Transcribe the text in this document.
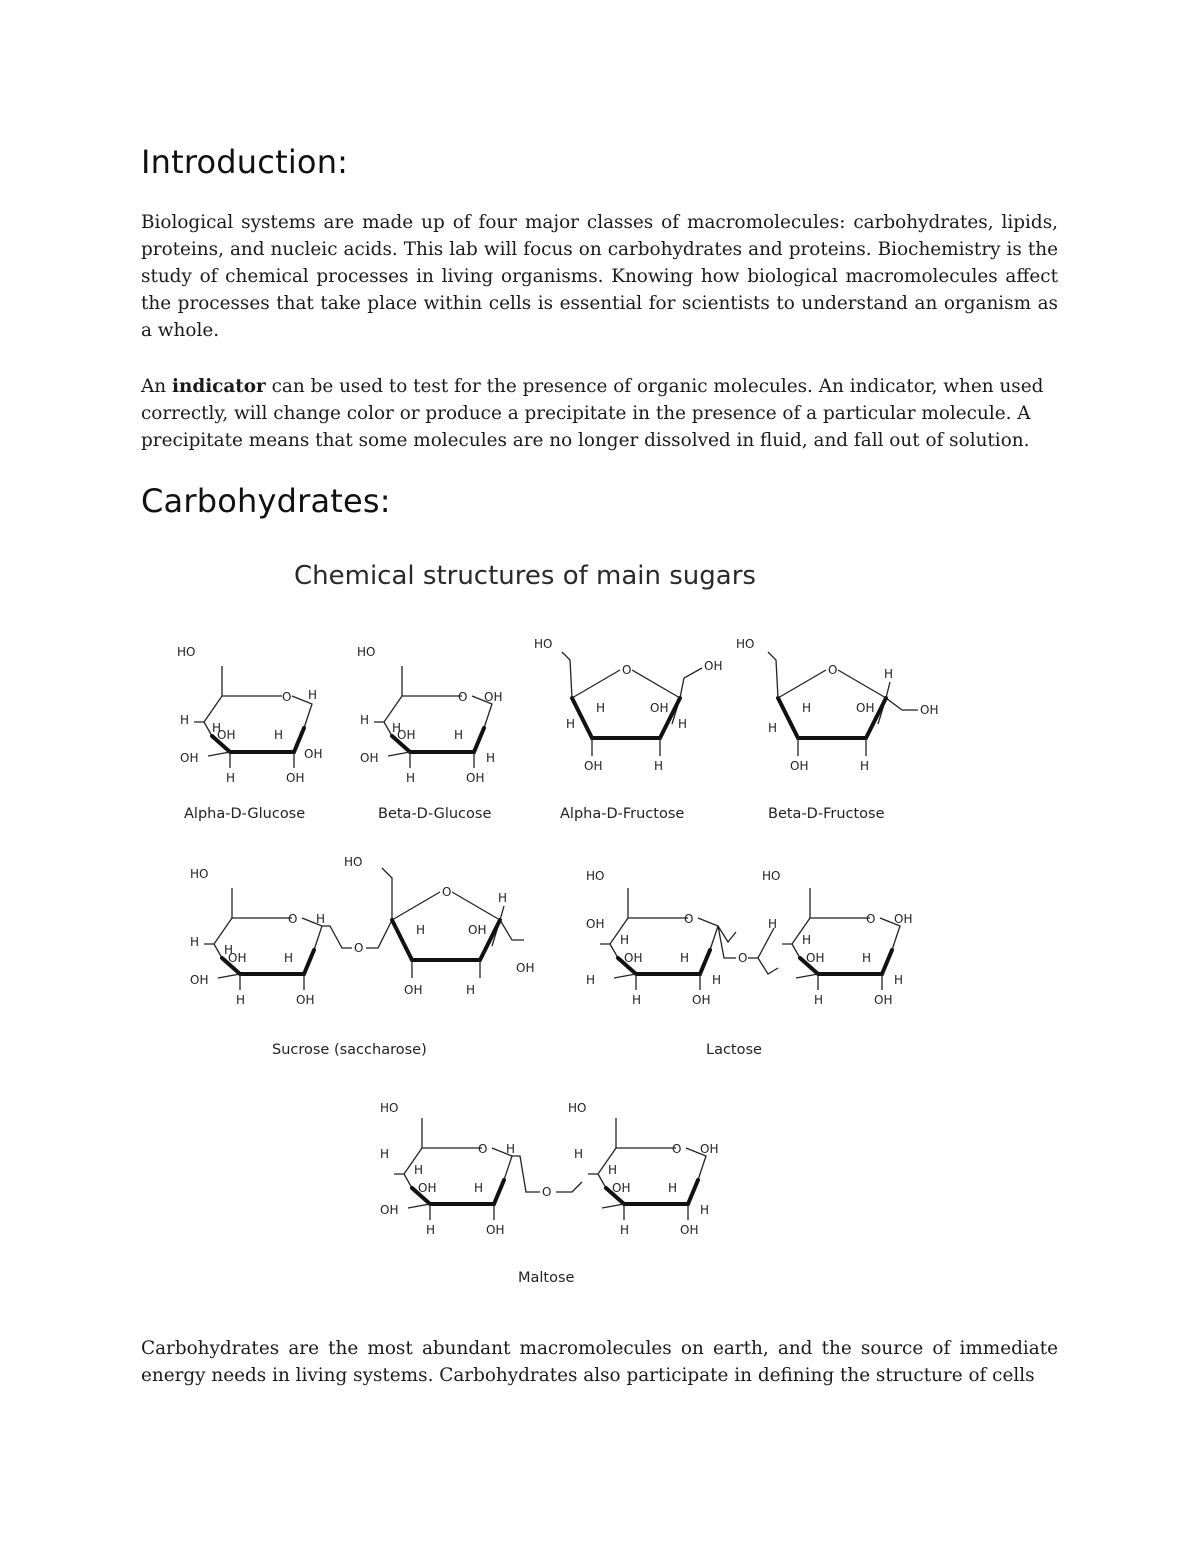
Introduction:

Biological systems are made up of four major classes of macromolecules: carbohydrates, lipids, proteins, and nucleic acids. This lab will focus on carbohydrates and proteins. Biochemistry is the study of chemical processes in living organisms. Knowing how biological macromolecules affect the processes that take place within cells is essential for scientists to understand an organism as a whole.

An indicator can be used to test for the presence of organic molecules. An indicator, when used correctly, will change color or produce a precipitate in the presence of a particular molecule. A precipitate means that some molecules are no longer dissolved in fluid, and fall out of solution.

Carbohydrates:
Chemical structures of main sugars
HO
O
H
H
OH	H
OH	OH
H
H	OH
Alpha-D-Glucose
HO
O OH
H
H
OH	H
OH	H
H	OH
Beta-D-Glucose
HO
O	OH
H
H	OH
H
OH	H
Alpha-D-Fructose
HO
O	H
H
H	OH	OH
OH	H
Beta-D-Fructose
HO
O H
H
H
OH	H
OH
H	OH
O
HO
O	H
H	OH
OH
OH	H
Sucrose (saccharose)
HO
O
OH
H
OH	H
H	H
H	OH
O
HO
O OH
H
H
OH	H
H
H	OH
Lactose
HO
O H
H
H
OH	H
OH
H	OH
O
HO
O OH
H
H
OH	H
H
H	OH
Maltose

Carbohydrates are the most abundant macromolecules on earth, and the source of immediate energy needs in living systems. Carbohydrates also participate in defining the structure of cells
